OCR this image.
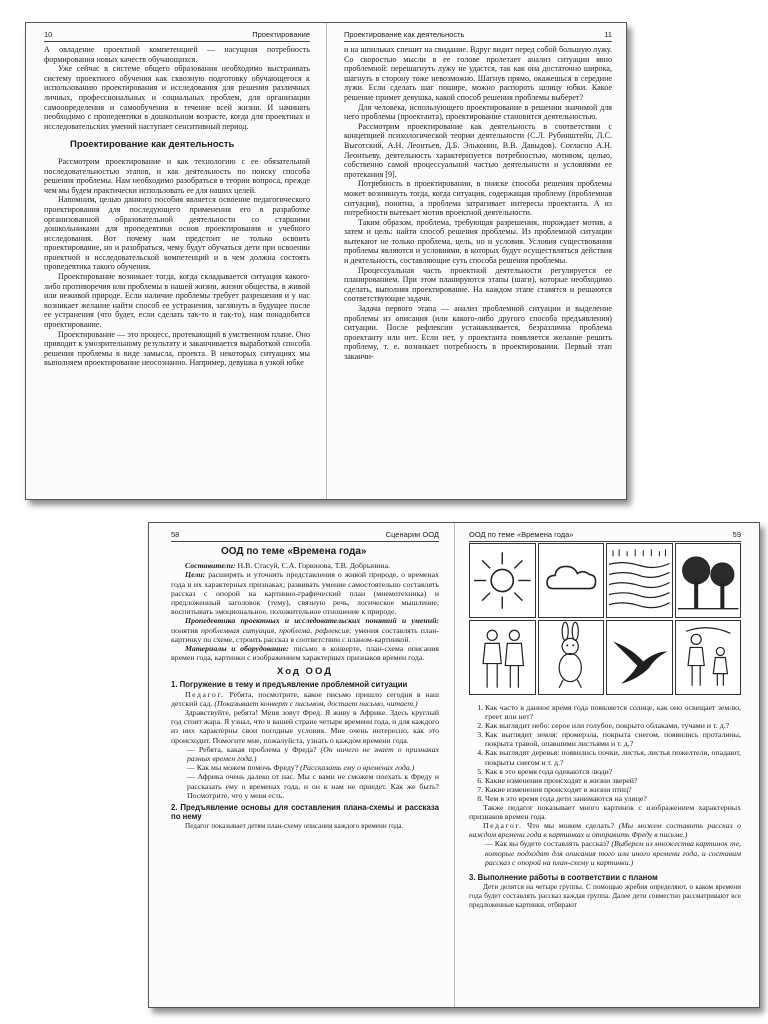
10	Проектирование

А овладение проектной компетенцией — насущная потребность формирования новых качеств обучающихся.

Уже сейчас в системе общего образования необходимо выстраивать систему проектного обучения как сквозную подготовку обучающегося к использованию проектирования и исследования для решения различных личных, профессиональных и социальных проблем, для организации самоопределения и самообучения в течение всей жизни. И начинать необходимо с пропедевтики в дошкольном возрасте, когда для проектных и исследовательских умений наступает сенситивный период.

Проектирование как деятельность

Рассмотрим проектирование и как технологию с ее обязательной последовательностью этапов, и как деятельность по поиску способа решения проблемы. Нам необходимо разобраться в теории вопроса, прежде чем мы будем практически использовать ее для наших целей.

Напомним, целью данного пособия является освоение педагогического проектирования для последующего применения его в разработке организованной образовательной деятельности со старшими дошкольниками для пропедевтики основ проектирования и учебного исследования. Вот почему нам предстоит не только освоить проектирование, но и разобраться, чему будут обучаться дети при освоении проектной и исследовательской компетенций и в чем должна состоять пропедевтика такого обучения.

Проектирование возникает тогда, когда складывается ситуация какого-либо противоречия или проблемы в нашей жизни, жизни общества, в живой или неживой природе. Если наличие проблемы требует разрешения и у нас возникает желание найти способ ее устранения, заглянуть в будущее после ее устранения (что будет, если сделать так-то и так-то), нам понадобится проектирование.

Проектирование — это процесс, протекающий в умственном плане. Оно приводит к умозрительному результату и заканчивается выработкой способа решения проблемы в виде замысла, проекта. В некоторых ситуациях мы выполняем проектирование неосознанно. Например, девушка в узкой юбке

Проектирование как деятельность	11

и на шпильках спешит на свидание. Вдруг видит перед собой большую лужу. Со скоростью мысли в ее голове пролетает анализ ситуации явно проблемной: перешагнуть лужу не удастся, так как она достаточно широка, шагнуть в сторону тоже невозможно. Шагнув прямо, окажешься в середине лужи. Если сделать шаг пошире, можно распороть шлицу юбки. Какое решение примет девушка, какой способ решения проблемы выберет?

Для человека, использующего проектирование в решении значимой для него проблемы (проектанта), проектирование становится деятельностью.

Рассмотрим проектирование как деятельность в соответствии с концепцией психологической теории деятельности (С.Л. Рубинштейн, Л.С. Выготский, А.Н. Леонтьев, Д.Б. Эльконин, В.В. Давыдов). Согласно А.Н. Леонтьеву, деятельность характеризуется потребностью, мотивом, целью, собственно самой процессуальной частью деятельности и условиями ее протекания [9].

Потребность в проектировании, в поиске способа решения проблемы может возникнуть тогда, когда ситуация, содержащая проблему (проблемная ситуация), понятна, а проблема затрагивает интересы проектанта. А из потребности вытекает мотив проектной деятельности.

Таким образом, проблема, требующая разрешения, порождает мотив, а затем и цель: найти способ решения проблемы. Из проблемной ситуации вытекают не только проблема, цель, но и условия. Условия существования проблемы являются и условиями, в которых будут осуществляться действия и деятельность, составляющие суть способа решения проблемы.

Процессуальная часть проектной деятельности регулируется ее планированием. При этом планируются этапы (шаги), которые необходимо сделать, выполняя проектирование. На каждом этапе ставятся и решаются соответствующие задачи.

Задача первого этапа — анализ проблемной ситуации и выделение проблемы из описания (или какого-либо другого способа предъявления) ситуации. После рефлексии устанавливается, безразлична проблема проектанту или нет. Если нет, у проектанта появляется желание решить проблему, т. е. возникает потребность в проектировании. Первый этап заканчи-

58	Сценарии ООД
ООД по теме «Времена года»

Составители: Н.В. Стасуй, С.А. Горюнова, Т.В. Добрынина.

Цели: расширять и уточнять представления о живой природе, о временах года и их характерных признаках; развивать умение самостоятельно составлять рассказ с опорой на картинно-графический план (мнемотехника) и предложенный заголовок (тему), связную речь, логическое мышление; воспитывать эмоциональное, положительное отношение к природе.

Пропедевтика проектных и исследовательских понятий и умений: понятия проблемная ситуация, проблема, рефлексия; умения составлять план-картинку по схеме, строить рассказ в соответствии с планом-картинкой.

Материалы и оборудование: письмо в конверте, план-схема описания времен года, картинки с изображением характерных признаков времен года.

Ход ООД
1. Погружение в тему и предъявление проблемной ситуации

Педагог. Ребята, посмотрите, какое письмо пришло сегодня в наш детский сад. (Показывает конверт с письмом, достает письмо, читает.)

Здравствуйте, ребята! Меня зовут Фред. Я живу в Африке. Здесь круглый год стоит жара. Я узнал, что в вашей стране четыре времени года, и для каждого из них характерны свои погодные условия. Мне очень интересно, как это происходит. Помогите мне, пожалуйста, узнать о каждом времени года.

— Ребята, какая проблема у Фреда? (Он ничего не знает о признаках разных времен года.)

— Как мы можем помочь Фреду? (Рассказать ему о временах года.)

— Африка очень далеко от нас. Мы с вами не сможем поехать к Фреду и рассказать ему о временах года, и он к нам не приедет. Как же быть? Посмотрите, что у меня есть.

2. Предъявление основы для составления плана-схемы и рассказа по нему

Педагог показывает детям план-схему описания каждого времени года.

ООД по теме «Времена года»	59
1. Как часто в данное время года появляется солнце, как оно освещает землю, греет или нет?
2. Как выглядит небо: серое или голубое, покрыто облаками, тучами и т. д.?
3. Как выглядит земля: промерзла, покрыта снегом, появились проталины, покрыта травой, опавшими листьями и т. д.?
4. Как выглядят деревья: появились почки, листья, листья пожелтели, опадают, покрыты снегом и т. д.?
5. Как в это время года одеваются люди?
6. Какие изменения происходят в жизни зверей?
7. Какие изменения происходят в жизни птиц?
8. Чем в это время года дети занимаются на улице?

Также педагог показывает много картинок с изображением характерных признаков времен года.

Педагог. Что мы можем сделать? (Мы можем составить рассказ о каждом времени года в картинках и отправить Фреду в письме.)

— Как вы будете составлять рассказ? (Выберем из множества картинок те, которые подходят для описания того или иного времени года, и составим рассказ с опорой на план-схему и картинки.)

3. Выполнение работы в соответствии с планом

Дети делятся на четыре группы. С помощью жребия определяют, о каком времени года будет составлять рассказ каждая группа. Далее дети совместно рассматривают все предложенные картинки, отбирают
